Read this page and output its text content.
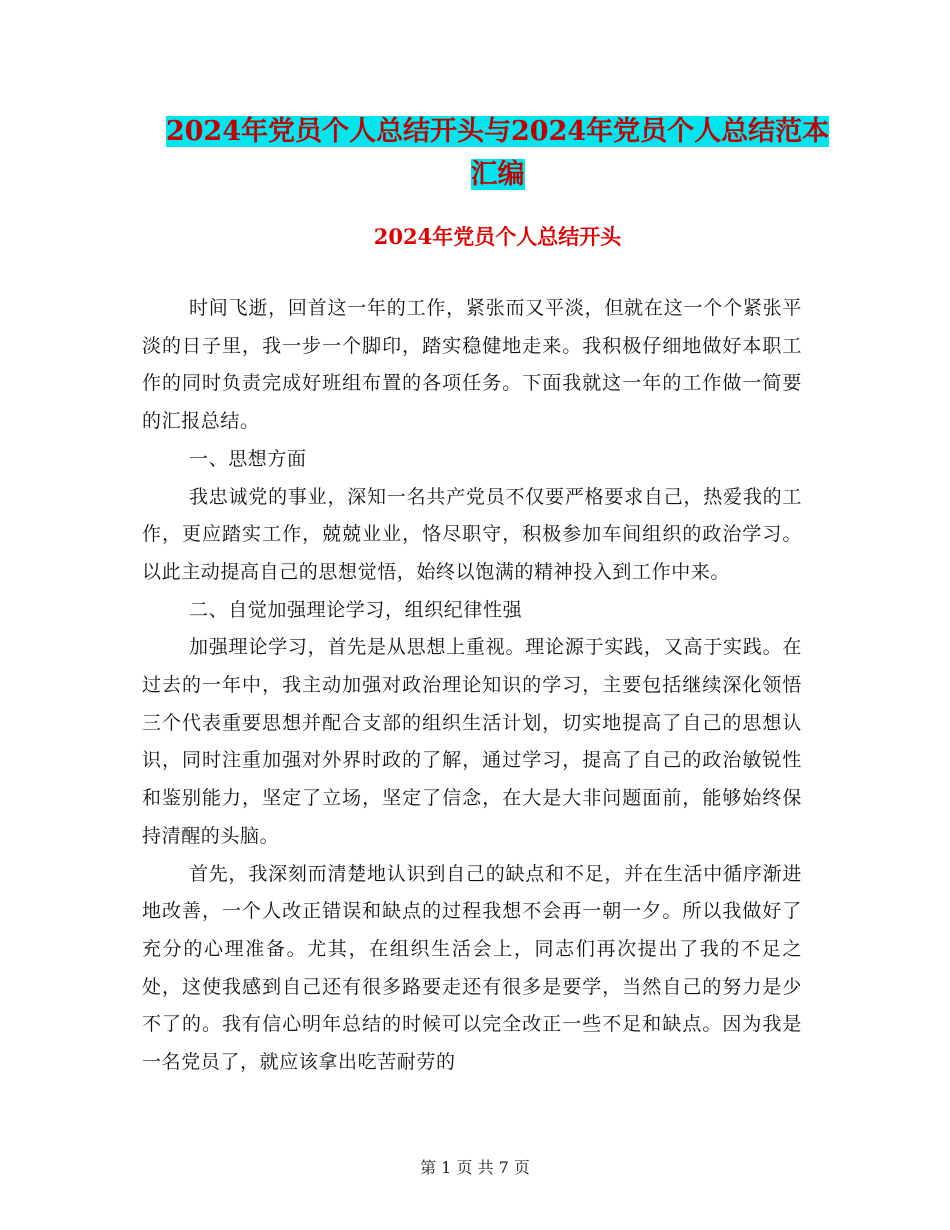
2024年党员个人总结开头与2024年党员个人总结范本
汇编
2024年党员个人总结开头

时间飞逝，回首这一年的工作，紧张而又平淡，但就在这一个个紧张平淡的日子里，我一步一个脚印，踏实稳健地走来。我积极仔细地做好本职工作的同时负责完成好班组布置的各项任务。下面我就这一年的工作做一简要的汇报总结。

一、思想方面

我忠诚党的事业，深知一名共产党员不仅要严格要求自己，热爱我的工作，更应踏实工作，兢兢业业，恪尽职守，积极参加车间组织的政治学习。以此主动提高自己的思想觉悟，始终以饱满的精神投入到工作中来。

二、自觉加强理论学习，组织纪律性强

加强理论学习，首先是从思想上重视。理论源于实践，又高于实践。在过去的一年中，我主动加强对政治理论知识的学习，主要包括继续深化领悟三个代表重要思想并配合支部的组织生活计划，切实地提高了自己的思想认识，同时注重加强对外界时政的了解，通过学习，提高了自己的政治敏锐性和鉴别能力，坚定了立场，坚定了信念，在大是大非问题面前，能够始终保持清醒的头脑。

首先，我深刻而清楚地认识到自己的缺点和不足，并在生活中循序渐进地改善，一个人改正错误和缺点的过程我想不会再一朝一夕。所以我做好了充分的心理准备。尤其，在组织生活会上，同志们再次提出了我的不足之处，这使我感到自己还有很多路要走还有很多是要学，当然自己的努力是少不了的。我有信心明年总结的时候可以完全改正一些不足和缺点。因为我是一名党员了，就应该拿出吃苦耐劳的

第 1 页 共 7 页
